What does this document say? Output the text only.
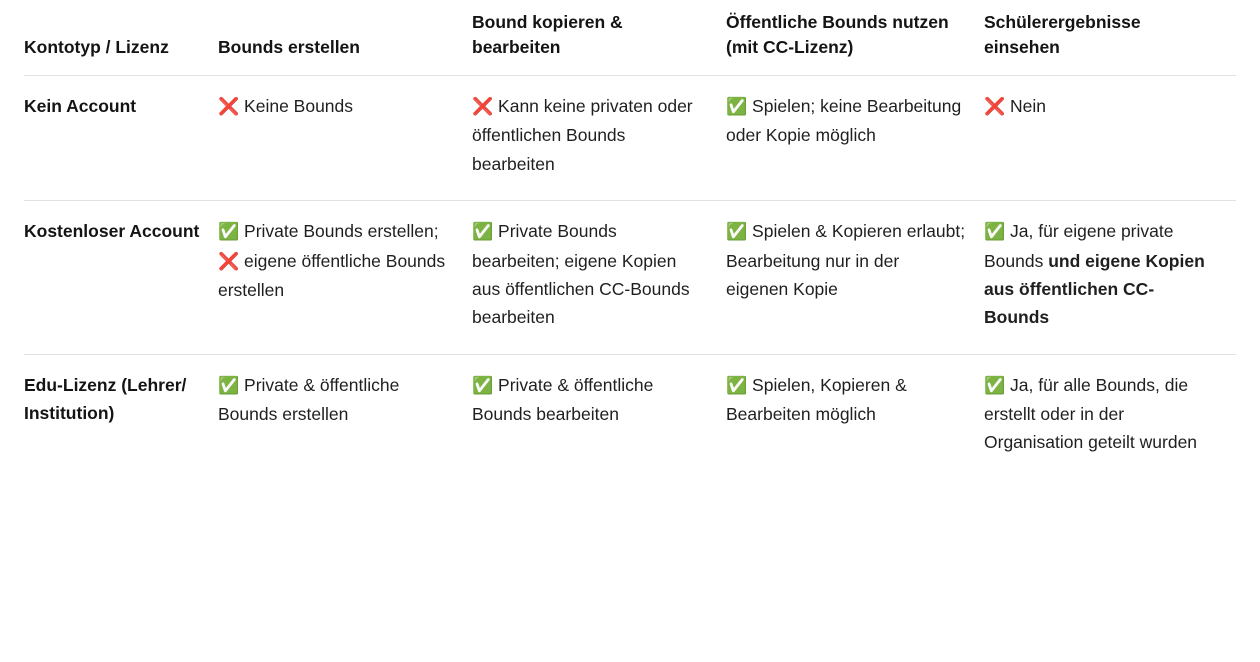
Kontotyp / Lizenz	Bounds erstellen	Bound kopieren & bearbeiten	Öffentliche Bounds nutzen (mit CC-Lizenz)	Schülerergebnisse einsehen
Kein Account	❌ Keine Bounds	❌ Kann keine privaten oder öffentlichen Bounds bearbeiten	✅ Spielen; keine Bearbeitung oder Kopie möglich	❌ Nein
Kostenloser Account	✅ Private Bounds erstellen; ❌ eigene öffentliche Bounds erstellen	✅ Private Bounds bearbeiten; eigene Kopien aus öffentlichen CC-Bounds bearbeiten	✅ Spielen & Kopieren erlaubt; Bearbeitung nur in der eigenen Kopie	✅ Ja, für eigene private Bounds und eigene Kopien aus öffentlichen CC-Bounds
Edu-Lizenz (Lehrer/ Institution)	✅ Private & öffentliche Bounds erstellen	✅ Private & öffentliche Bounds bearbeiten	✅ Spielen, Kopieren & Bearbeiten möglich	✅ Ja, für alle Bounds, die erstellt oder in der Organisation geteilt wurden
